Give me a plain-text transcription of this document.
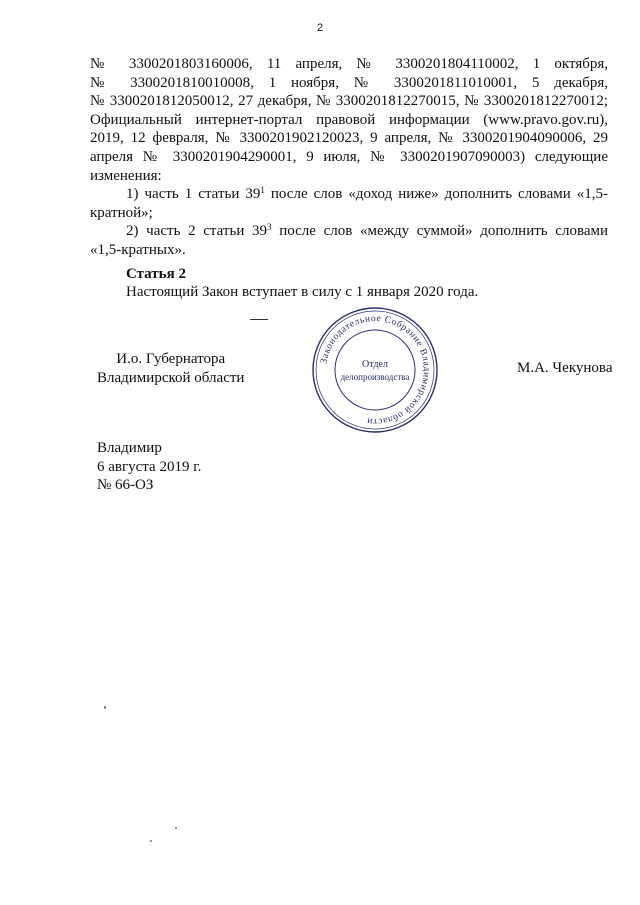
2

№ 3300201803160006, 11 апреля, № 3300201804110002, 1 октября,

№ 3300201810010008, 1 ноября, № 3300201811010001, 5 декабря,

№ 3300201812050012, 27 декабря, № 3300201812270015, № 3300201812270012;

Официальный интернет-портал правовой информации (www.pravo.gov.ru),

2019, 12 февраля, № 3300201902120023, 9 апреля, № 3300201904090006, 29

апреля № 3300201904290001, 9 июля, № 3300201907090003) следующие

изменения:

1) часть 1 статьи $39^1$ после слов «доход ниже» дополнить словами «1,5-

кратной»;

2) часть 2 статьи $39^3$ после слов «между суммой» дополнить словами

«1,5-кратных».

Статья 2
Настоящий Закон вступает в силу с 1 января 2020 года.
И.о. Губернатора
Владимирской области
Законодательное Собрание Владимирской области
Отдел
делопроизводства
М.А. Чекунова
Владимир
6 августа 2019 г.
№ 66-ОЗ
